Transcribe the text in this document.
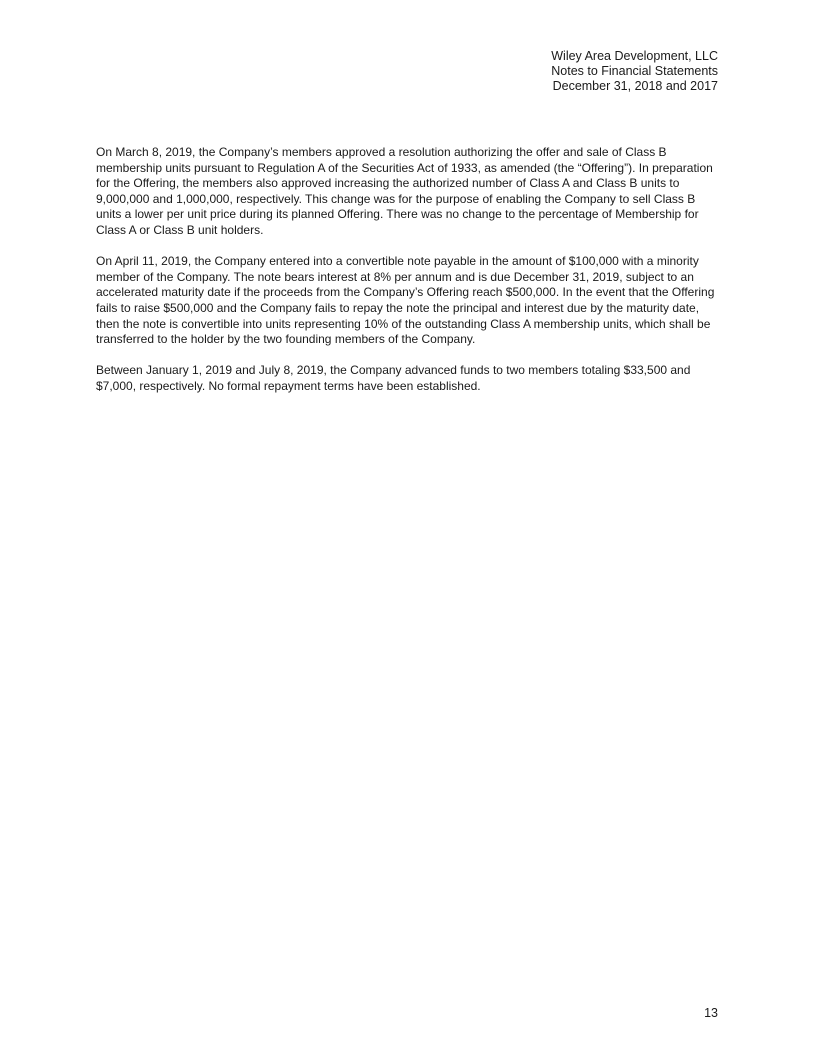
Wiley Area Development, LLC
Notes to Financial Statements
December 31, 2018 and 2017

On March 8, 2019, the Company’s members approved a resolution authorizing the offer and sale of Class B membership units pursuant to Regulation A of the Securities Act of 1933, as amended (the “Offering”). In preparation for the Offering, the members also approved increasing the authorized number of Class A and Class B units to 9,000,000 and 1,000,000, respectively. This change was for the purpose of enabling the Company to sell Class B units a lower per unit price during its planned Offering. There was no change to the percentage of Membership for Class A or Class B unit holders.

On April 11, 2019, the Company entered into a convertible note payable in the amount of $100,000 with a minority member of the Company. The note bears interest at 8% per annum and is due December 31, 2019, subject to an accelerated maturity date if the proceeds from the Company’s Offering reach $500,000. In the event that the Offering fails to raise $500,000 and the Company fails to repay the note the principal and interest due by the maturity date, then the note is convertible into units representing 10% of the outstanding Class A membership units, which shall be transferred to the holder by the two founding members of the Company.

Between January 1, 2019 and July 8, 2019, the Company advanced funds to two members totaling $33,500 and $7,000, respectively. No formal repayment terms have been established.

13
